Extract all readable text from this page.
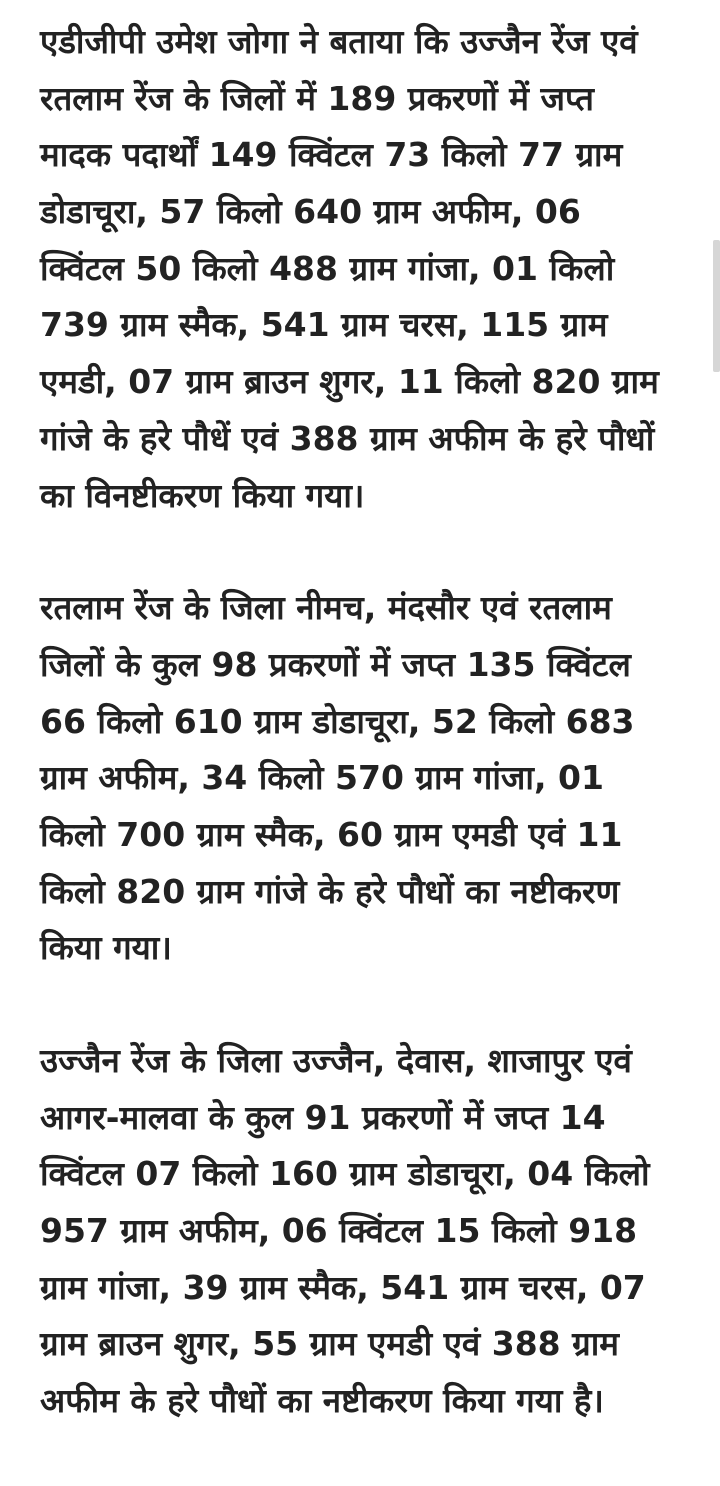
एडीजीपी उमेश जोगा ने बताया कि उज्जैन रेंज एवं
रतलाम रेंज के जिलों में 189 प्रकरणों में जप्त
मादक पदार्थों 149 क्विंटल 73 किलो 77 ग्राम
डोडाचूरा, 57 किलो 640 ग्राम अफीम, 06
क्विंटल 50 किलो 488 ग्राम गांजा, 01 किलो
739 ग्राम स्मैक, 541 ग्राम चरस, 115 ग्राम
एमडी, 07 ग्राम ब्राउन शुगर, 11 किलो 820 ग्राम
गांजे के हरे पौधें एवं 388 ग्राम अफीम के हरे पौधों
का विनष्टीकरण किया गया।

रतलाम रेंज के जिला नीमच, मंदसौर एवं रतलाम
जिलों के कुल 98 प्रकरणों में जप्त 135 क्विंटल
66 किलो 610 ग्राम डोडाचूरा, 52 किलो 683
ग्राम अफीम, 34 किलो 570 ग्राम गांजा, 01
किलो 700 ग्राम स्मैक, 60 ग्राम एमडी एवं 11
किलो 820 ग्राम गांजे के हरे पौधों का नष्टीकरण
किया गया।

उज्जैन रेंज के जिला उज्जैन, देवास, शाजापुर एवं
आगर-मालवा के कुल 91 प्रकरणों में जप्त 14
क्विंटल 07 किलो 160 ग्राम डोडाचूरा, 04 किलो
957 ग्राम अफीम, 06 क्विंटल 15 किलो 918
ग्राम गांजा, 39 ग्राम स्मैक, 541 ग्राम चरस, 07
ग्राम ब्राउन शुगर, 55 ग्राम एमडी एवं 388 ग्राम
अफीम के हरे पौधों का नष्टीकरण किया गया है।
